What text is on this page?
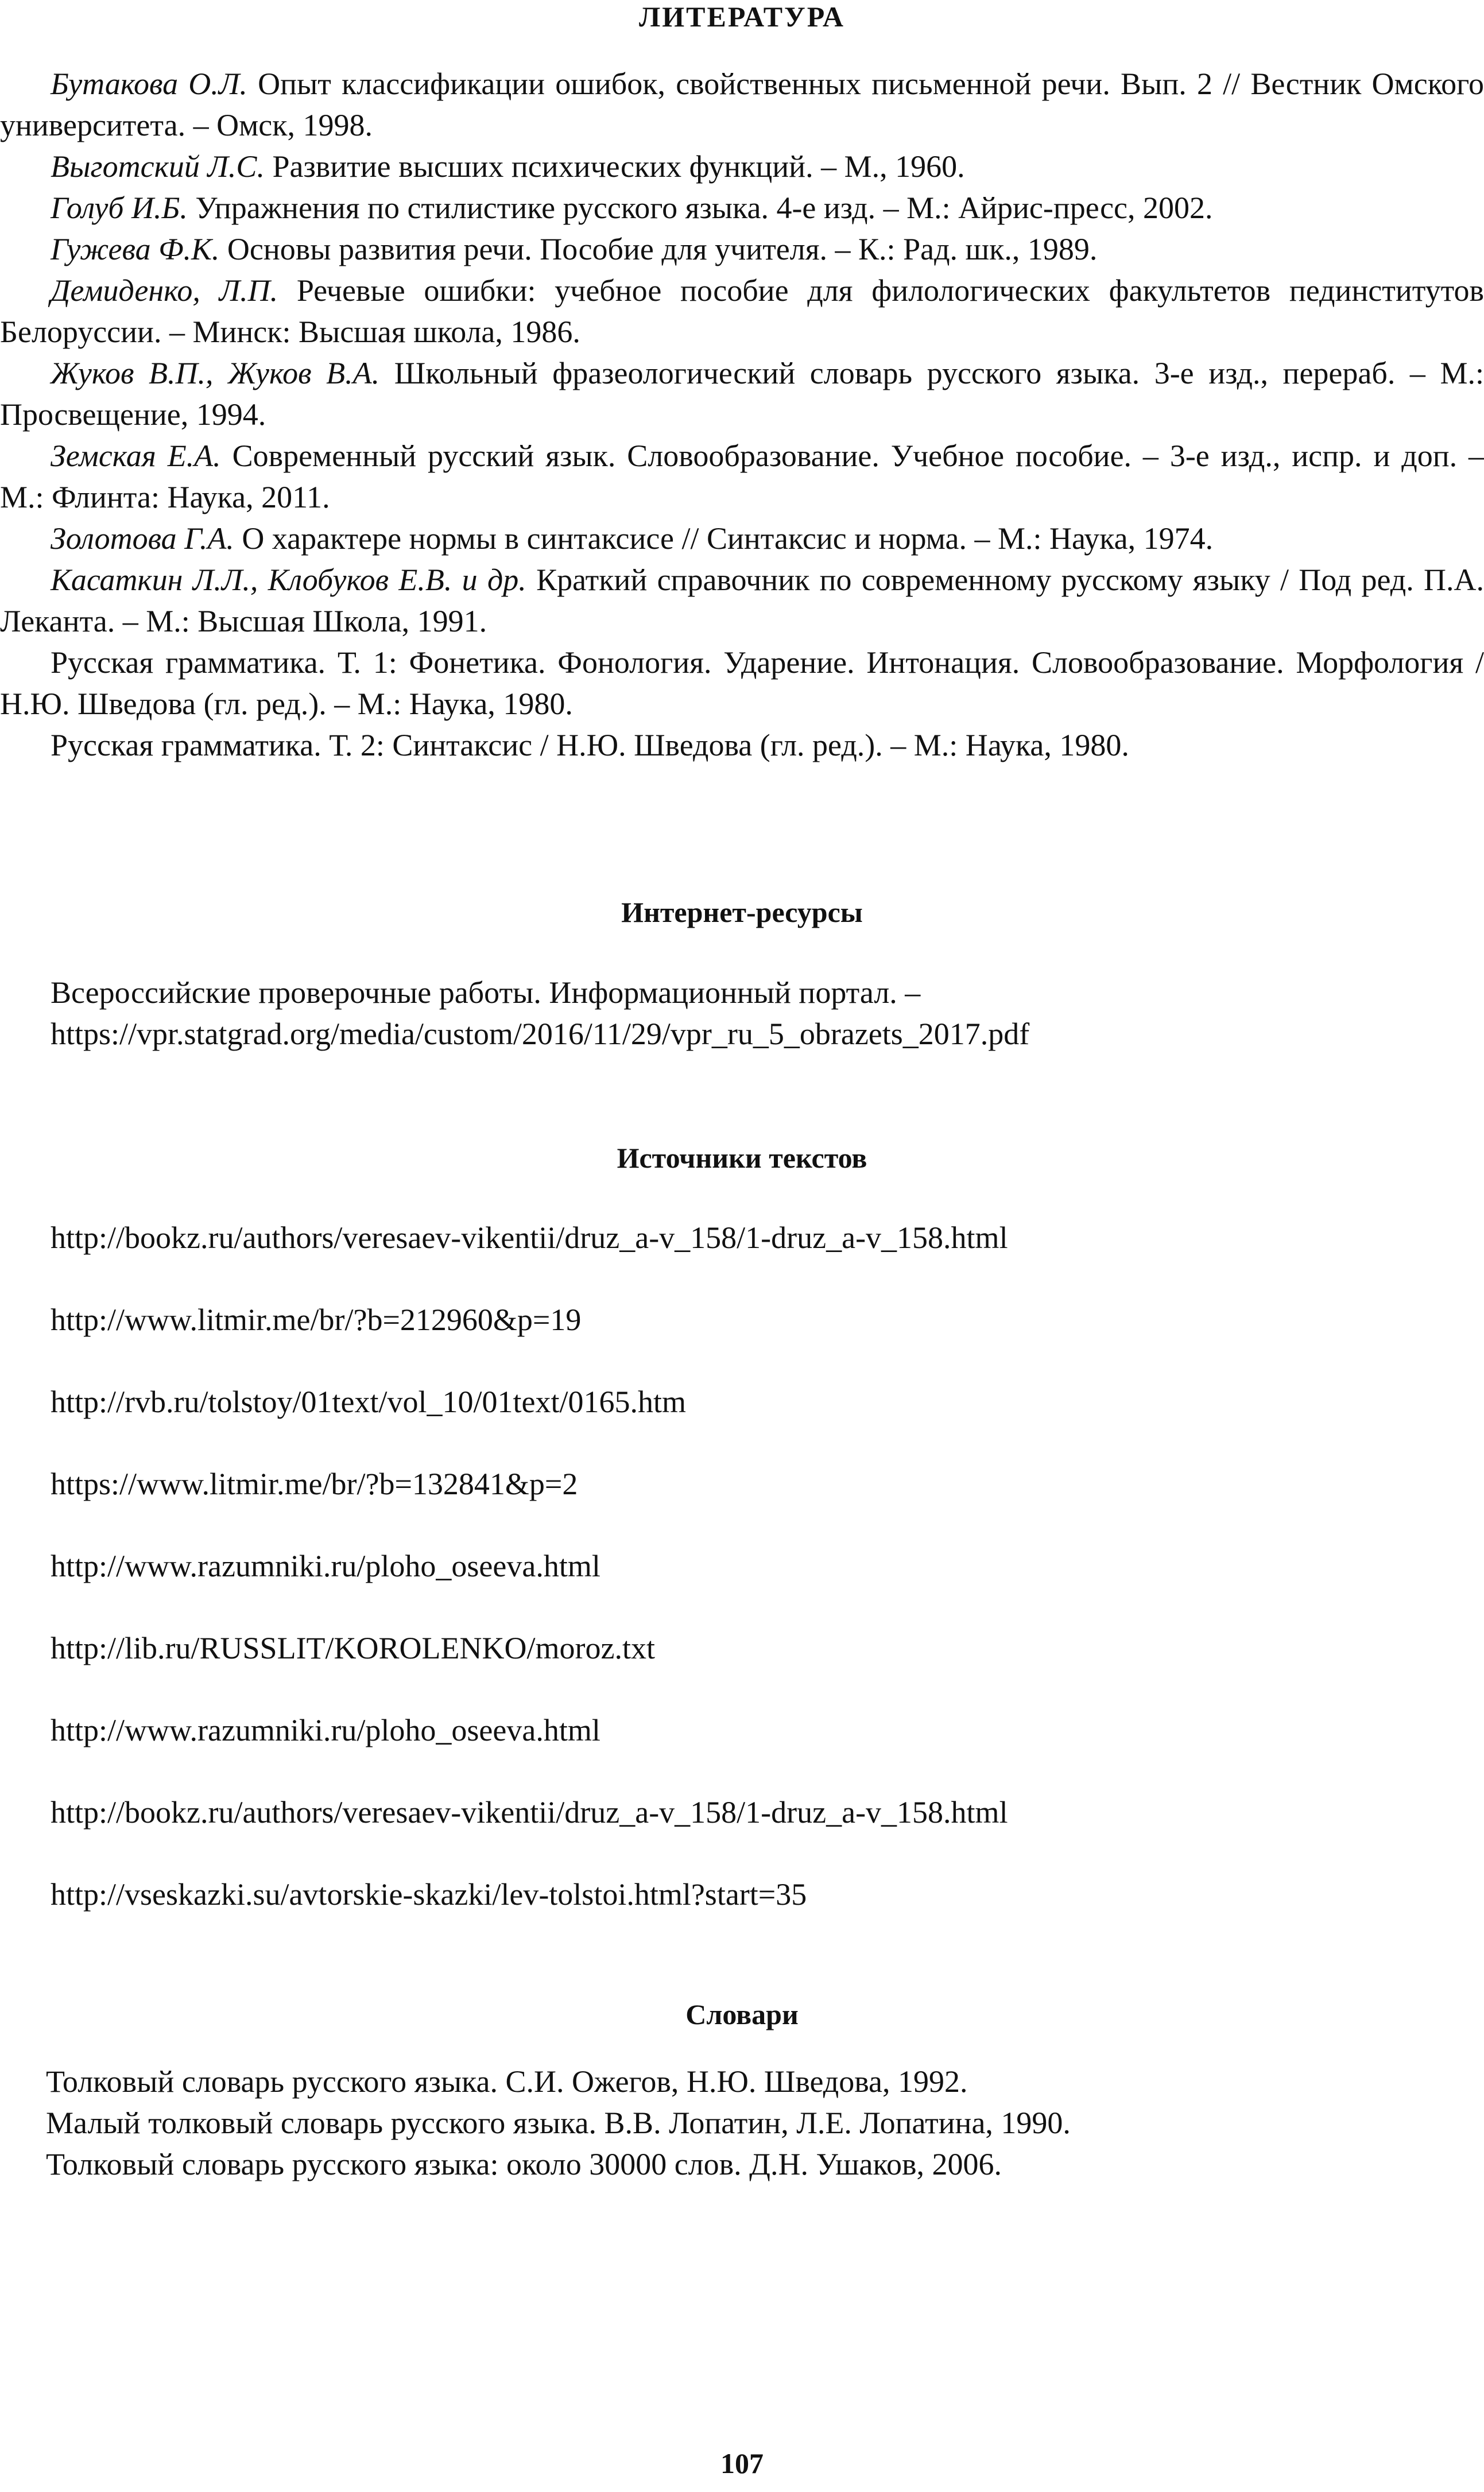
ЛИТЕРАТУРА

Бутакова О.Л. Опыт классификации ошибок, свойственных письменной речи. Вып. 2 // Вестник Омского университета. – Омск, 1998.

Выготский Л.С. Развитие высших психических функций. – М., 1960.

Голуб И.Б. Упражнения по стилистике русского языка. 4-е изд. – М.: Айрис-пресс, 2002.

Гужева Ф.К. Основы развития речи. Пособие для учителя. – К.: Рад. шк., 1989.

Демиденко, Л.П. Речевые ошибки: учебное пособие для филологических факультетов пединститутов Белоруссии. – Минск: Высшая школа, 1986.

Жуков В.П., Жуков В.А. Школьный фразеологический словарь русского языка. 3-е изд., перераб. – М.: Просвещение, 1994.

Земская Е.А. Современный русский язык. Словообразование. Учебное пособие. – 3-е изд., испр. и доп. – М.: Флинта: Наука, 2011.

Золотова Г.А. О характере нормы в синтаксисе // Синтаксис и норма. – М.: Наука, 1974.

Касаткин Л.Л., Клобуков Е.В. и др. Краткий справочник по современному русскому языку / Под ред. П.А. Леканта. – М.: Высшая Школа, 1991.

Русская грамматика. Т. 1: Фонетика. Фонология. Ударение. Интонация. Словообразование. Морфология / Н.Ю. Шведова (гл. ред.). – М.: Наука, 1980.

Русская грамматика. Т. 2: Синтаксис / Н.Ю. Шведова (гл. ред.). – М.: Наука, 1980.

Интернет-ресурсы

Всероссийские проверочные работы. Информационный портал. –

https://vpr.statgrad.org/media/custom/2016/11/29/vpr_ru_5_obrazets_2017.pdf

Источники текстов
http://bookz.ru/authors/veresaev-vikentii/druz_a-v_158/1-druz_a-v_158.html
http://www.litmir.me/br/?b=212960&p=19
http://rvb.ru/tolstoy/01text/vol_10/01text/0165.htm
https://www.litmir.me/br/?b=132841&p=2
http://www.razumniki.ru/ploho_oseeva.html
http://lib.ru/RUSSLIT/KOROLENKO/moroz.txt
http://www.razumniki.ru/ploho_oseeva.html
http://bookz.ru/authors/veresaev-vikentii/druz_a-v_158/1-druz_a-v_158.html
http://vseskazki.su/avtorskie-skazki/lev-tolstoi.html?start=35
Словари
Толковый словарь русского языка. С.И. Ожегов, Н.Ю. Шведова, 1992.
Малый толковый словарь русского языка. В.В. Лопатин, Л.Е. Лопатина, 1990.
Толковый словарь русского языка: около 30000 слов. Д.Н. Ушаков, 2006.
107
